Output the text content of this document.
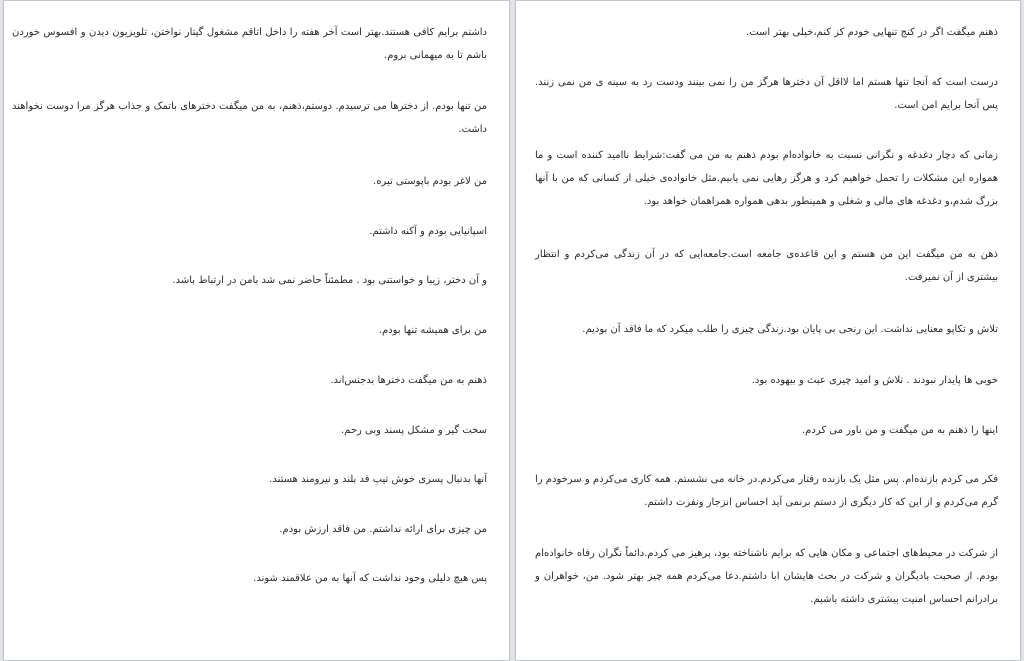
داشتم برایم کافی هستند.بهتر است آخر هفته را داخل اتاقم مشغول گیتار نواختن، تلویزیون دیدن و افسوس خوردن باشم تا به میهمانی بروم.

من تنها بودم. از دخترها می ترسیدم. دوستم،ذهنم، به من میگفت دخترهای باتمک و جذاب هرگز مرا دوست نخواهند داشت.

من لاغر بودم باپوستی تیره.

اسپانیایی بودم و آکنه داشتم.

و آن دختر، زیبا و خواستنی بود . مطمئناً حاضر نمی شد بامن در ارتباط باشد.

من برای همیشه تنها بودم.

ذهنم به من میگفت دخترها بدجنس‌اند.

سخت گیر و مشکل پسند وبی رحم.

آنها بدنبال پسری خوش تیپ قد بلند و نیرومند هستند.

من چیزی برای ارائه نداشتم. من فاقد ارزش بودم.

پس هیچ دلیلی وجود نداشت که آنها به من علاقمند شوند.

ذهنم میگفت اگر در کنج تنهایی خودم کز کنم،خیلی بهتر است.

درست است که آنجا تنها هستم اما لااقل آن دخترها هرگز من را نمی بینند ودست رد به سینه ی من نمی زنند. پس آنجا برایم امن است.

زمانی که دچار دغدغه و نگرانی نسبت به خانواده‌ام بودم ذهنم به من می گفت:شرایط ناامید کننده است و ما همواره این مشکلات را تحمل خواهیم کرد و هرگز رهایی نمی یابیم.مثل خانواده‌ی خیلی از کسانی که من با آنها بزرگ شدم،و دغدغه های مالی و شغلی و همینطور بدهی همواره همراهمان خواهد بود.

ذهن به من میگفت این من هستم و این قاعده‌ی جامعه است.جامعه‌ایی که در آن زندگی می‌کردم و انتظار بیشتری از آن نمیرفت.

تلاش و تکاپو معنایی نداشت. این رنجی بی پایان بود.زندگی چیزی را طلب میکرد که ما فاقد آن بودیم.

خوبی ها پایدار نبودند . تلاش و امید چیزی عبث و بیهوده بود.

اینها را ذهنم به من میگفت و من باور می کردم.

فکر می کردم بازنده‌ام. پس مثل یک بازنده رفتار می‌کردم.در خانه می نشستم. همه کاری می‌کردم و سرخودم را گرم می‌کردم و از این که کار دیگری از دستم برنمی آید احساس انزجار ونفرت داشتم.

از شرکت در محیط‌های اجتماعی و مکان هایی که برایم ناشناخته بود، پرهیز می کردم.دائماً نگران رفاه خانواده‌ام بودم. از صحبت بادیگران و شرکت در بحث هایشان ابا داشتم.دعا می‌کردم همه چیز بهتر شود. من، خواهران و برادرانم احساس امنیت بیشتری داشته باشیم.
